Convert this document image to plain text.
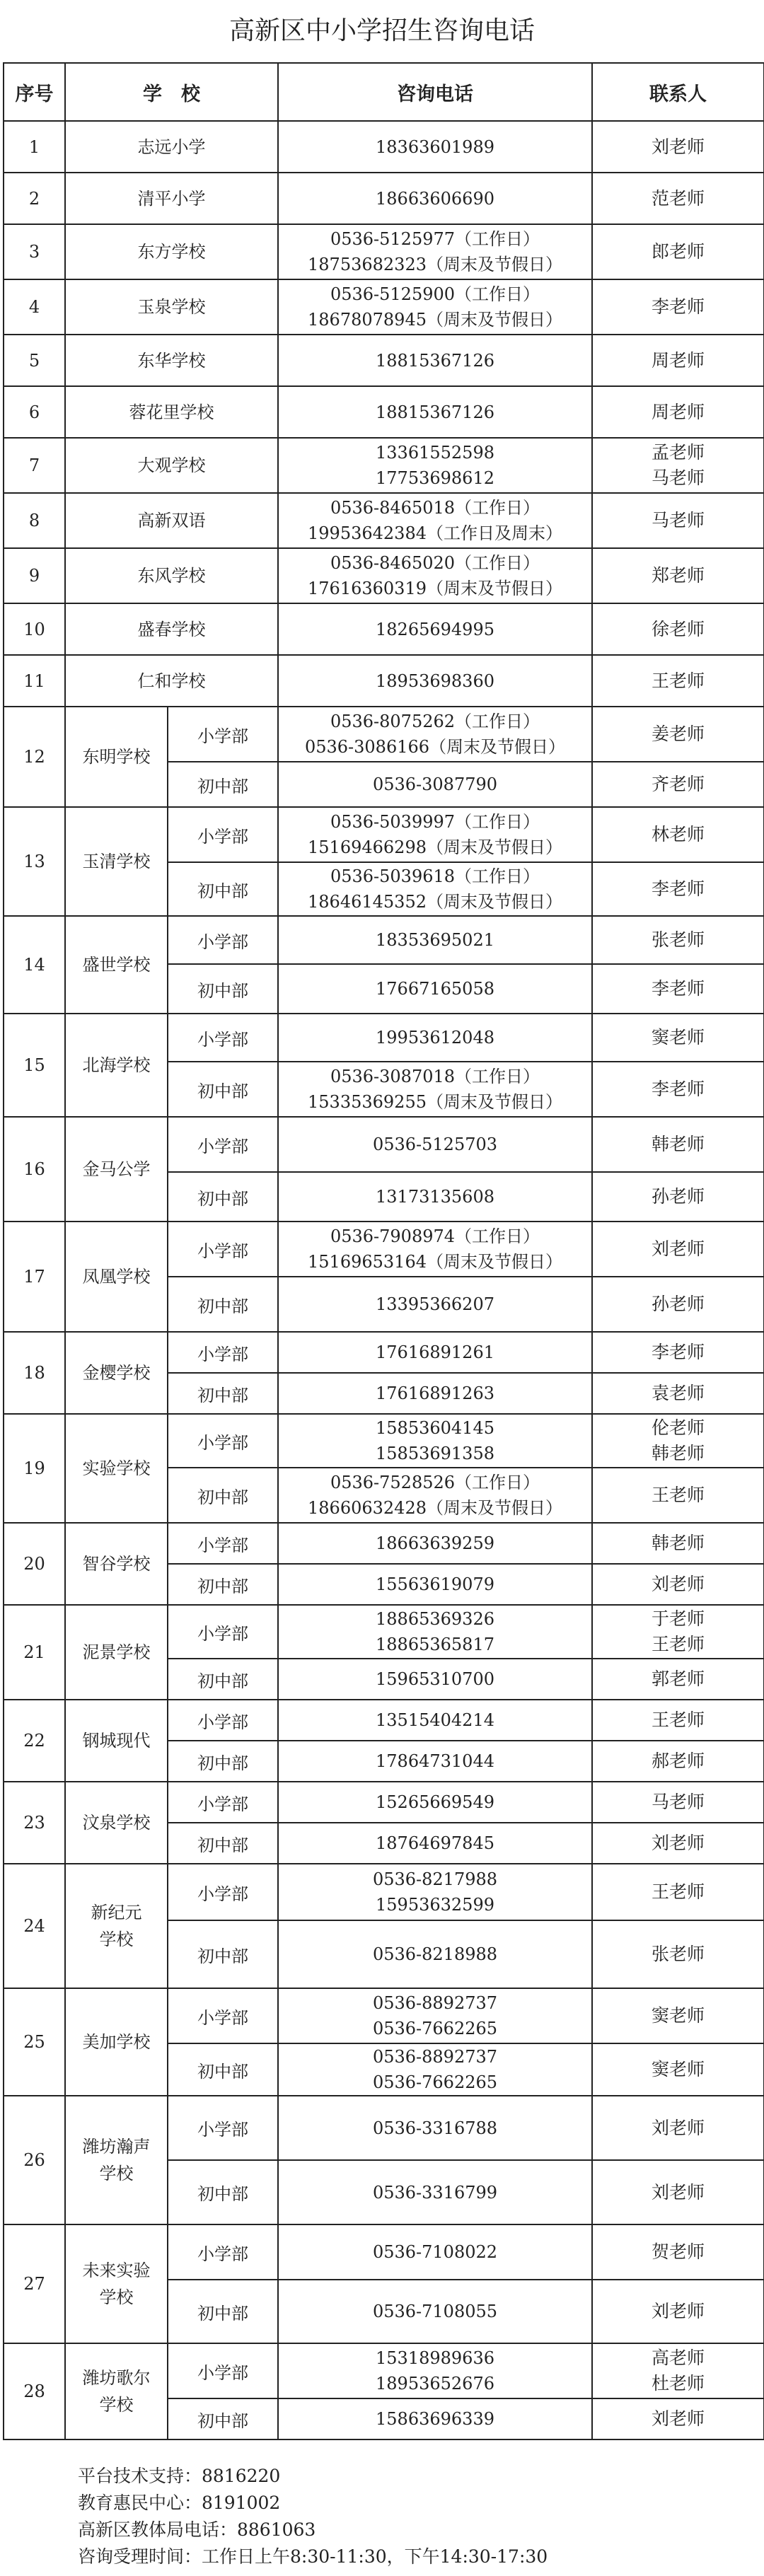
高新区中小学招生咨询电话
序号	学　校		咨询电话	联系人
1	志远小学		18363601989	刘老师

2	清平小学		18663606690	范老师

3	东方学校		0536-5125977（工作日）
18753682323（周末及节假日）	郎老师

4	玉泉学校		0536-5125900（工作日）
18678078945（周末及节假日）	李老师

5	东华学校		18815367126	周老师

6	蓉花里学校		18815367126	周老师

7	大观学校		13361552598
17753698612	孟老师
马老师

8	高新双语		0536-8465018（工作日）
19953642384（工作日及周末）	马老师

9	东风学校		0536-8465020（工作日）
17616360319（周末及节假日）	郑老师

10	盛春学校		18265694995	徐老师

11	仁和学校		18953698360	王老师

12	东明学校	小学部	0536-8075262（工作日）
0536-3086166（周末及节假日）	姜老师

		初中部	0536-3087790	齐老师

13	玉清学校	小学部	0536-5039997（工作日）
15169466298（周末及节假日）	林老师

		初中部	0536-5039618（工作日）
18646145352（周末及节假日）	李老师

14	盛世学校	小学部	18353695021	张老师

		初中部	17667165058	李老师

15	北海学校	小学部	19953612048	窦老师

		初中部	0536-3087018（工作日）
15335369255（周末及节假日）	李老师

16	金马公学	小学部	0536-5125703	韩老师

		初中部	13173135608	孙老师

17	凤凰学校	小学部	0536-7908974（工作日）
15169653164（周末及节假日）	刘老师

		初中部	13395366207	孙老师

18	金樱学校	小学部	17616891261	李老师

		初中部	17616891263	袁老师

19	实验学校	小学部	15853604145
15853691358	伦老师
韩老师

		初中部	0536-7528526（工作日）
18660632428（周末及节假日）	王老师

20	智谷学校	小学部	18663639259	韩老师

		初中部	15563619079	刘老师

21	泥景学校	小学部	18865369326
18865365817	于老师
王老师

		初中部	15965310700	郭老师

22	钢城现代	小学部	13515404214	王老师

		初中部	17864731044	郝老师

23	汶泉学校	小学部	15265669549	马老师

		初中部	18764697845	刘老师

24	新纪元
学校	小学部	0536-8217988
15953632599	王老师

		初中部	0536-8218988	张老师

25	美加学校	小学部	0536-8892737
0536-7662265	窦老师

		初中部	0536-8892737
0536-7662265	窦老师

26	潍坊瀚声
学校	小学部	0536-3316788	刘老师

		初中部	0536-3316799	刘老师

27	未来实验
学校	小学部	0536-7108022	贺老师

		初中部	0536-7108055	刘老师

28	潍坊歌尔
学校	小学部	15318989636
18953652676	高老师
杜老师

		初中部	15863696339	刘老师
平台技术支持：8816220
教育惠民中心：8191002
高新区教体局电话：8861063
咨询受理时间：工作日上午8:30-11:30，下午14:30-17:30
